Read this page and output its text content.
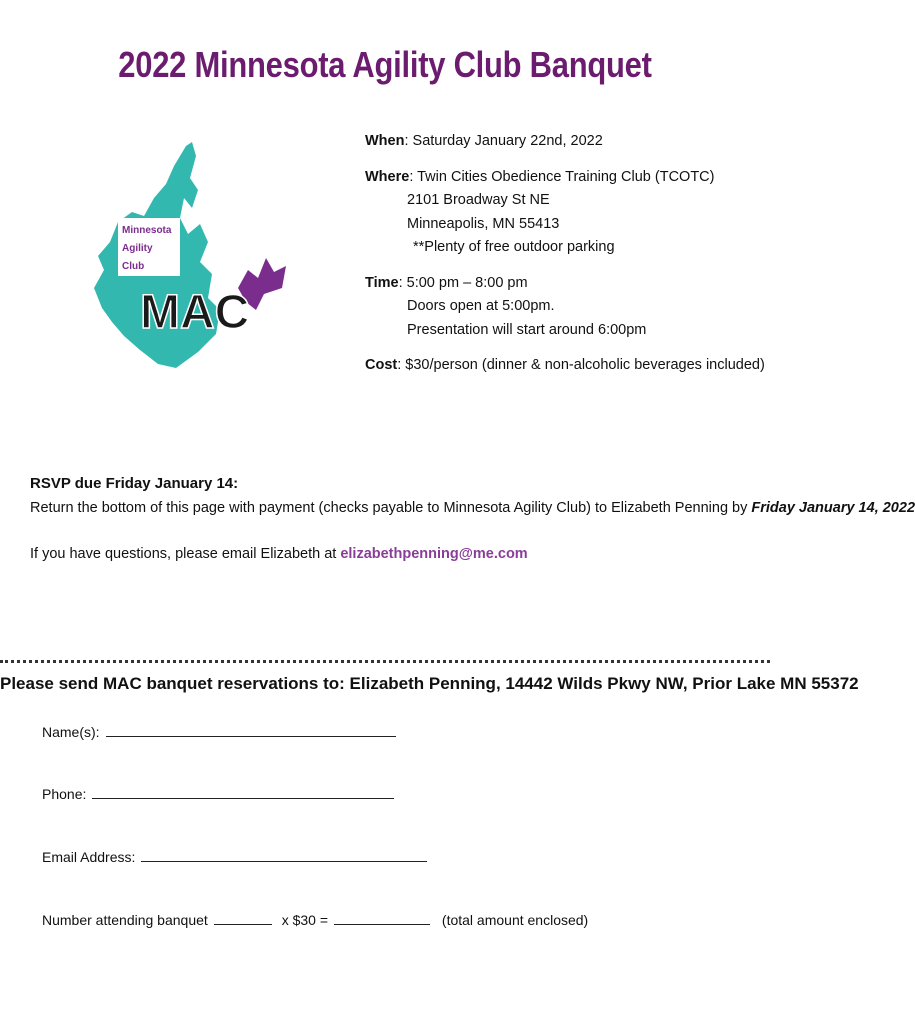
2022 Minnesota Agility Club Banquet
Minnesota
Agility
Club
MAC
When: Saturday January 22nd, 2022
Where: Twin Cities Obedience Training Club (TCOTC)
2101 Broadway St NE
Minneapolis, MN 55413
**Plenty of free outdoor parking
Time: 5:00 pm – 8:00 pm
Doors open at 5:00pm.
Presentation will start around 6:00pm
Cost: $30/person (dinner & non-alcoholic beverages included)
RSVP due Friday January 14:
Return the bottom of this page with payment (checks payable to Minnesota Agility Club) to Elizabeth Penning by Friday January 14, 2022
If you have questions, please email Elizabeth at elizabethpenning@me.com
Please send MAC banquet reservations to: Elizabeth Penning, 14442 Wilds Pkwy NW, Prior Lake MN 55372
Name(s):
Phone:
Email Address:
Number attending banquet	x $30 =	(total amount enclosed)
